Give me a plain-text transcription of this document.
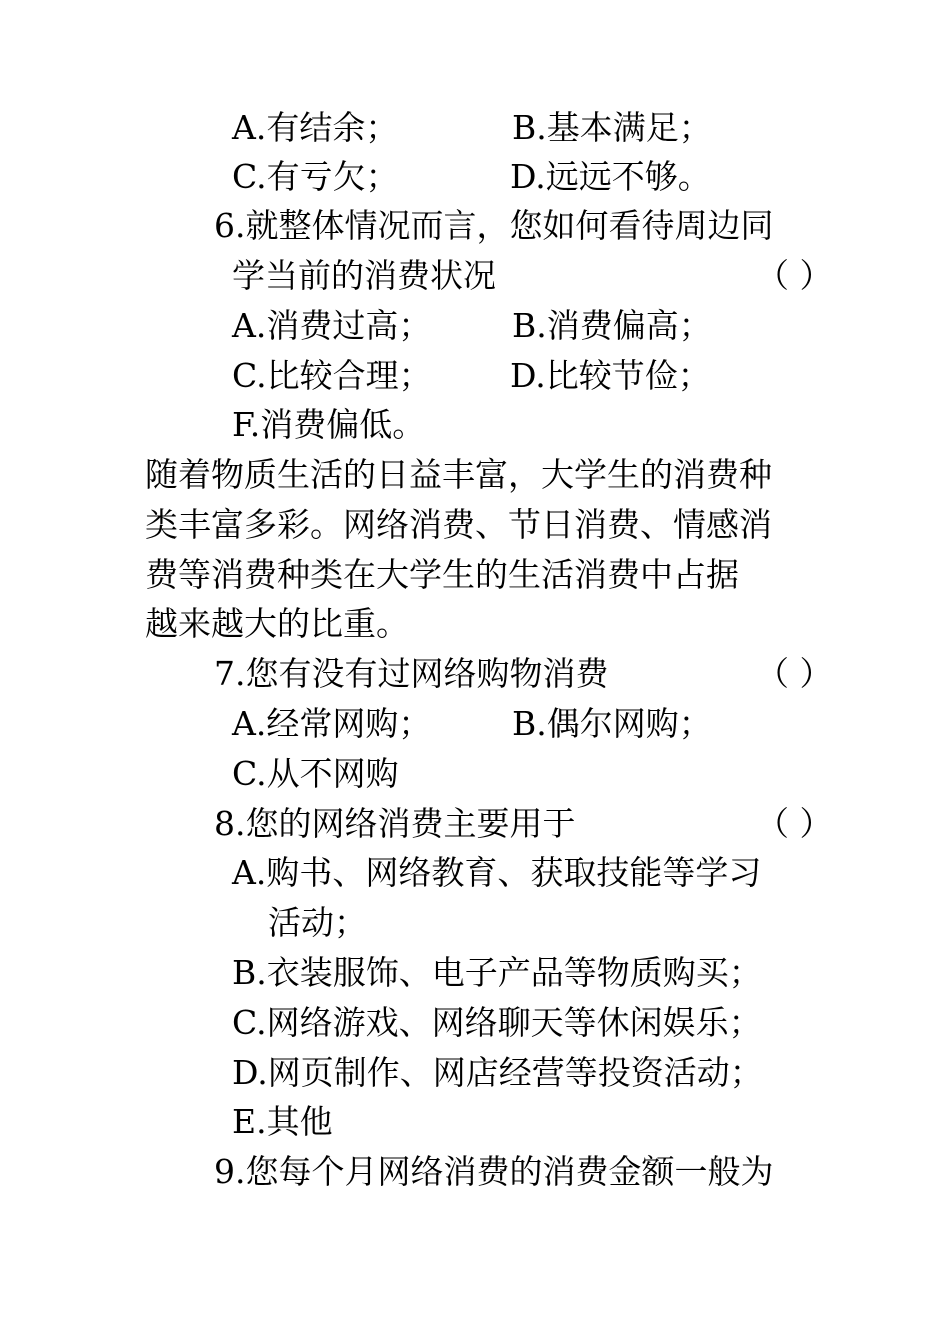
A.有结余；	B.基本满足；
C.有亏欠；	D.远远不够。
6.就整体情况而言，您如何看待周边同
学当前的消费状况	（ ）
A.消费过高； B.消费偏高；
C.比较合理； D.比较节俭；
F.消费偏低。
随着物质生活的日益丰富，大学生的消费种
类丰富多彩。网络消费、节日消费、情感消
费等消费种类在大学生的生活消费中占据
越来越大的比重。
7.您有没有过网络购物消费	（ ）
A.经常网购； B.偶尔网购；
C.从不网购
8.您的网络消费主要用于	（ ）
A.购书、网络教育、获取技能等学习
活动；
B.衣装服饰、电子产品等物质购买；
C.网络游戏、网络聊天等休闲娱乐；
D.网页制作、网店经营等投资活动；
E.其他
9.您每个月网络消费的消费金额一般为
